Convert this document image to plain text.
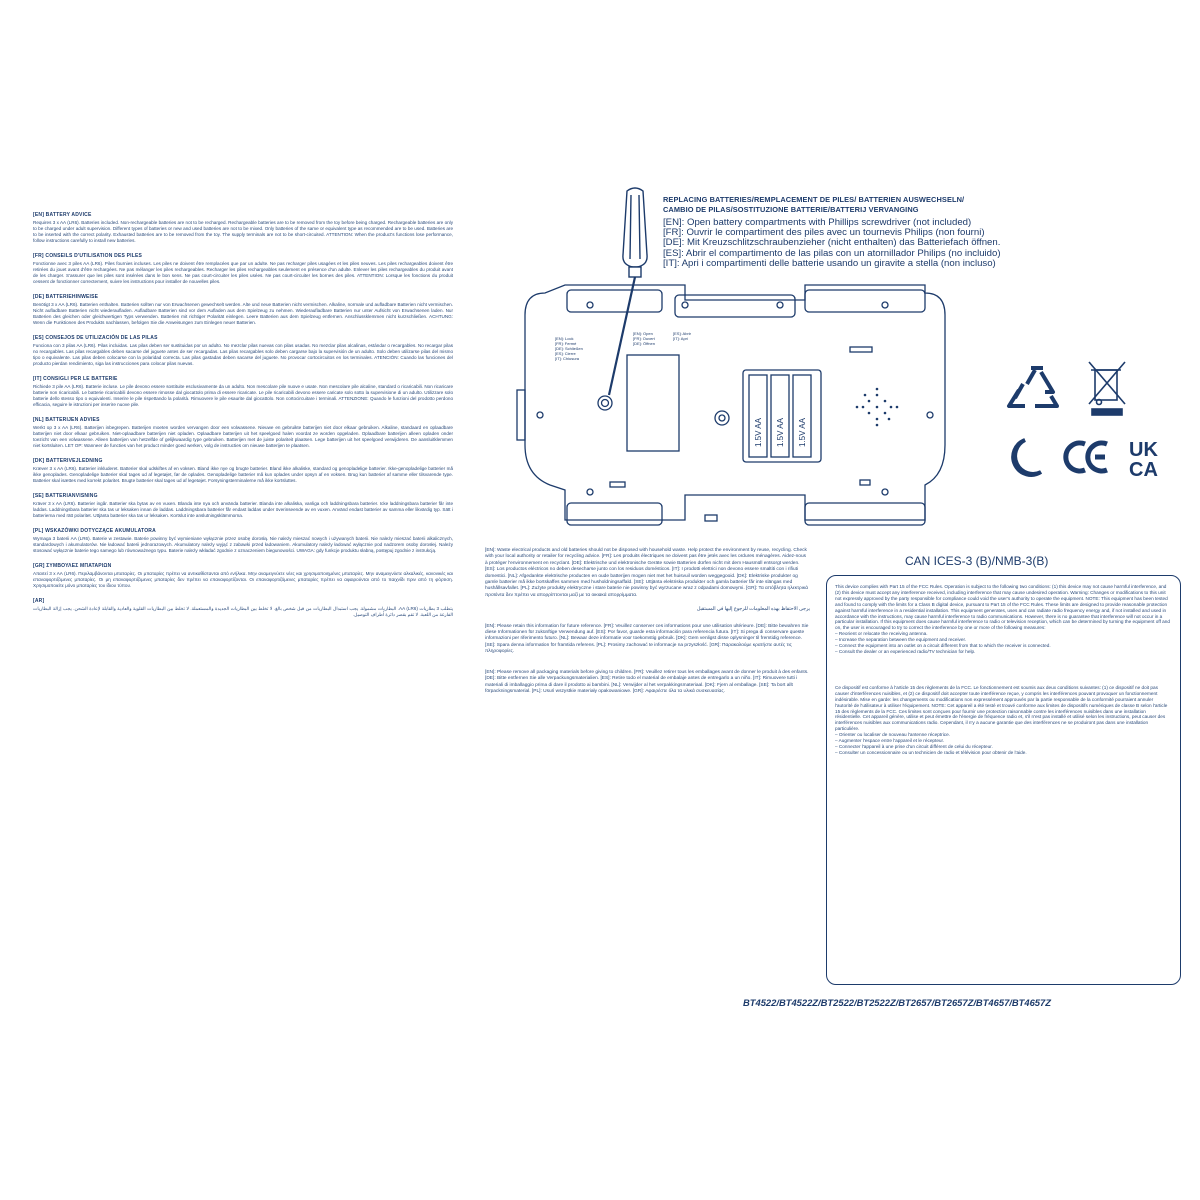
[EN] BATTERY ADVICE

Requires 3 x AA (LR6). Batteries included. Non-rechargeable batteries are not to be recharged. Rechargeable batteries are to be removed from the toy before being charged. Rechargeable batteries are only to be charged under adult supervision. Different types of batteries or new and used batteries are not to be mixed. Only batteries of the same or equivalent type as recommended are to be used. Batteries are to be inserted with the correct polarity. Exhausted batteries are to be removed from the toy. The supply terminals are not to be short-circuited. ATTENTION: When the product's functions lose performance, follow instructions carefully to install new batteries.

[FR] CONSEILS D'UTILISATION DES PILES

Fonctionne avec 3 piles AA (LR6). Piles fournies incluses. Les piles ne doivent être remplacées que par un adulte. Ne pas recharger piles usagées et les piles neuves. Les piles rechargeables doivent être retirées du jouet avant d'être rechargées. Ne pas mélanger les piles rechargeables. Recharger les piles rechargeables seulement en présence d'un adulte. Enlever les piles rechargeables du produit avant de les charger. S'assurer que les piles sont insérées dans le bon sens. Ne pas court-circuiter les piles usées. Ne pas court-circuiter les bornes des piles. ATTENTION: Lorsque les fonctions du produit cessent de fonctionner correctement, suivre les instructions pour installer de nouvelles piles.

[DE] BATTERIEHINWEISE

Benötigt 3 x AA (LR6). Batterien enthalten. Batterien sollten nur von Erwachsenen gewechselt werden. Alte und neue Batterien nicht vermischen. Alkaline, normale und aufladbare Batterien nicht vermischen. Nicht aufladbare Batterien nicht wiederaufladen. Aufladbare Batterien sind vor dem Aufladen aus dem Spielzeug zu nehmen. Wiederaufladbare Batterien nur unter Aufsicht von Erwachsenen laden. Nur Batterien des gleichen oder gleichwertigen Typs verwenden. Batterien mit richtiger Polarität einlegen. Leere Batterien aus dem Spielzeug entfernen. Anschlussklemmen nicht kurzschließen. ACHTUNG: Wenn die Funktionen des Produkts nachlassen, befolgen Sie die Anweisungen zum Einlegen neuer Batterien.

[ES] CONSEJOS DE UTILIZACIÓN DE LAS PILAS

Funciona con 3 pilas AA (LR6). Pilas incluidas. Las pilas deben ser sustituidas por un adulto. No mezclar pilas nuevas con pilas usadas. No mezclar pilas alcalinas, estándar o recargables. No recargar pilas no recargables. Las pilas recargables deben sacarse del juguete antes de ser recargadas. Las pilas recargables solo deben cargarse bajo la supervisión de un adulto. Solo deben utilizarse pilas del mismo tipo o equivalente. Las pilas deben colocarse con la polaridad correcta. Las pilas gastadas deben sacarse del juguete. No provocar cortocircuitos en los terminales. ATENCIÓN: Cuando las funciones del producto pierdan rendimiento, siga las instrucciones para colocar pilas nuevas.

[IT] CONSIGLI PER LE BATTERIE

Richiede 3 pile AA (LR6). Batterie incluse. Le pile devono essere sostituite esclusivamente da un adulto. Non mescolare pile nuove e usate. Non mescolare pile alcaline, standard o ricaricabili. Non ricaricare batterie non ricaricabili. Le batterie ricaricabili devono essere rimosse dal giocattolo prima di essere ricaricate. Le pile ricaricabili devono essere caricate solo sotto la supervisione di un adulto. Utilizzare solo batterie dello stesso tipo o equivalenti. Inserire le pile rispettando la polarità. Rimuovere le pile esaurite dal giocattolo. Non cortocircuitare i terminali. ATTENZIONE: Quando le funzioni del prodotto perdono efficacia, seguire le istruzioni per inserire nuove pile.

[NL] BATTERIJEN ADVIES

Werkt op 3 x AA (LR6). Batterijen inbegrepen. Batterijen moeten worden vervangen door een volwassene. Nieuwe en gebruikte batterijen niet door elkaar gebruiken. Alkaline, standaard en oplaadbare batterijen niet door elkaar gebruiken. Niet-oplaadbare batterijen niet opladen. Oplaadbare batterijen uit het speelgoed halen voordat ze worden opgeladen. Oplaadbare batterijen alleen opladen onder toezicht van een volwassene. Alleen batterijen van hetzelfde of gelijkwaardig type gebruiken. Batterijen met de juiste polariteit plaatsen. Lege batterijen uit het speelgoed verwijderen. De aansluitklemmen niet kortsluiten. LET OP: Wanneer de functies van het product minder goed werken, volg de instructies om nieuwe batterijen te plaatsen.

[DK] BATTERIVEJLEDNING

Kræver 3 x AA (LR6). Batterier inkluderet. Batterier skal udskiftes af en voksen. Bland ikke nye og brugte batterier. Bland ikke alkaliske, standard og genopladelige batterier. Ikke-genopladelige batterier må ikke genoplades. Genopladelige batterier skal tages ud af legetøjet, før de oplades. Genopladelige batterier må kun oplades under opsyn af en voksen. Brug kun batterier af samme eller tilsvarende type. Batterier skal isættes med korrekt polaritet. Brugte batterier skal tages ud af legetøjet. Forsyningsterminalerne må ikke kortsluttes.

[SE] BATTERIANVISNING

Kräver 3 x AA (LR6). Batterier ingår. Batterier ska bytas av en vuxen. Blanda inte nya och använda batterier. Blanda inte alkaliska, vanliga och laddningsbara batterier. Icke laddningsbara batterier får inte laddas. Laddningsbara batterier ska tas ur leksaken innan de laddas. Laddningsbara batterier får endast laddas under överinseende av en vuxen. Använd endast batterier av samma eller likvärdig typ. Sätt i batterierna med rätt polaritet. Uttjänta batterier ska tas ur leksaken. Kortslut inte anslutningsklämmorna.

[PL] WSKAZÓWKI DOTYCZĄCE AKUMULATORA

Wymaga 3 baterii AA (LR6). Baterie w zestawie. Baterie powinny być wymieniane wyłącznie przez osobę dorosłą. Nie należy mieszać nowych i używanych baterii. Nie należy mieszać baterii alkalicznych, standardowych i akumulatorów. Nie ładować baterii jednorazowych. Akumulatory należy wyjąć z zabawki przed ładowaniem. Akumulatory należy ładować wyłącznie pod nadzorem osoby dorosłej. Należy stosować wyłącznie baterie tego samego lub równoważnego typu. Baterie należy wkładać zgodnie z oznaczeniem biegunowości. UWAGA: gdy funkcje produktu słabną, postępuj zgodnie z instrukcją.

[GR] ΣΥΜΒΟΥΛΕΣ ΜΠΑΤΑΡΙΩΝ

Απαιτεί 3 x AA (LR6). Περιλαμβάνονται μπαταρίες. Οι μπαταρίες πρέπει να αντικαθίστανται από ενήλικα. Μην αναμειγνύετε νέες και χρησιμοποιημένες μπαταρίες. Μην αναμειγνύετε αλκαλικές, κανονικές και επαναφορτιζόμενες μπαταρίες. Οι μη επαναφορτιζόμενες μπαταρίες δεν πρέπει να επαναφορτίζονται. Οι επαναφορτιζόμενες μπαταρίες πρέπει να αφαιρούνται από το παιχνίδι πριν από τη φόρτιση. Χρησιμοποιείτε μόνο μπαταρίες του ίδιου τύπου.

[AR]

يتطلب 3 بطاريات AA (LR6). البطاريات مشمولة. يجب استبدال البطاريات من قبل شخص بالغ. لا تخلط بين البطاريات الجديدة والمستعملة. لا تخلط بين البطاريات القلوية والعادية والقابلة لإعادة الشحن. يجب إزالة البطاريات الفارغة من اللعبة. لا تقم بقصر دائرة أطراف التوصيل.

1.5V AA 1.5V AA 1.5V AA
[EN]: Lock [FR]: Fermé [DE]: Schließen [ES]: Cierre [IT]: Chiusura
[EN]: Open [FR]: Ouvert [DE]: Öffnen
[ES]: Abrir [IT]: Apri

REPLACING BATTERIES/REMPLACEMENT DE PILES/ BATTERIEN AUSWECHSELN/

CAMBIO DE PILAS/SOSTITUZIONE BATTERIE/BATTERIJ VERVANGING

[EN]: Open battery compartments with Phillips screwdriver (not included)
[FR]: Ouvrir le compartiment des piles avec un tournevis Philips (non fourni)
[DE]: Mit Kreuzschlitzschraubenzieher (nicht enthalten) das Batteriefach öffnen.
[ES]: Abrir el compartimento de las pilas con un atornillador Philips (no incluido)
[IT]: Apri i compartimenti delle batterie usando un giravite a stella (non incluso)
UK
CA

[EN]: Waste electrical products and old batteries should not be disposed with household waste. Help protect the environment by reuse, recycling. Check with your local authority or retailer for recycling advice. [FR]: Les produits électriques ne doivent pas être jetés avec les ordures ménagères. Aidez-nous à protéger l'environnement en recyclant. [DE]: Elektrische und elektronische Geräte sowie Batterien dürfen nicht mit dem Hausmüll entsorgt werden. [ES]: Los productos eléctricos no deben desecharse junto con los residuos domésticos. [IT]: I prodotti elettrici non devono essere smaltiti con i rifiuti domestici. [NL]: Afgedankte elektrische producten en oude batterijen mogen niet met het huisvuil worden weggegooid. [DK]: Elektriske produkter og gamle batterier må ikke bortskaffes sammen med husholdningsaffald. [SE]: Uttjänta elektriska produkter och gamla batterier får inte slängas med hushållsavfallet. [PL]: Zużyte produkty elektryczne i stare baterie nie powinny być wyrzucane wraz z odpadami domowymi. [GR]: Τα απόβλητα ηλεκτρικά προϊόντα δεν πρέπει να απορρίπτονται μαζί με τα οικιακά απορρίμματα.

يرجى الاحتفاظ بهذه المعلومات للرجوع إليها في المستقبل

[EN]: Please retain this information for future reference. [FR]: Veuillez conserver ces informations pour une utilisation ultérieure. [DE]: Bitte bewahren Sie diese Informationen für zukünftige Verwendung auf. [ES]: Por favor, guarde esta información para referencia futura. [IT]: Si prega di conservare queste informazioni per riferimento futuro. [NL]: Bewaar deze informatie voor toekomstig gebruik. [DK]: Gem venligst disse oplysninger til fremtidig reference. [SE]: Spara denna information för framtida referens. [PL]: Prosimy zachować te informacje na przyszłość. [GR]: Παρακαλούμε κρατήστε αυτές τις πληροφορίες.

[EN]: Please remove all packaging materials before giving to children. [FR]: Veuillez retirer tous les emballages avant de donner le produit à des enfants. [DE]: Bitte entfernen Sie alle Verpackungsmaterialien. [ES]: Retire todo el material de embalaje antes de entregarlo a un niño. [IT]: Rimuovere tutti i materiali di imballaggio prima di dare il prodotto ai bambini. [NL]: Verwijder al het verpakkingsmateriaal. [DK]: Fjern al emballage. [SE]: Ta bort allt förpackningsmaterial. [PL]: Usuń wszystkie materiały opakowaniowe. [GR]: Αφαιρέστε όλα τα υλικά συσκευασίας.

CAN ICES-3 (B)/NMB-3(B)

This device complies with Part 15 of the FCC Rules. Operation is subject to the following two conditions: (1) this device may not cause harmful interference, and (2) this device must accept any interference received, including interference that may cause undesired operation. Warning: Changes or modifications to this unit not expressly approved by the party responsible for compliance could void the user's authority to operate the equipment. NOTE: This equipment has been tested and found to comply with the limits for a Class B digital device, pursuant to Part 15 of the FCC Rules. These limits are designed to provide reasonable protection against harmful interference in a residential installation. This equipment generates, uses and can radiate radio frequency energy and, if not installed and used in accordance with the instructions, may cause harmful interference to radio communications. However, there is no guarantee that interference will not occur in a particular installation. If this equipment does cause harmful interference to radio or television reception, which can be determined by turning the equipment off and on, the user is encouraged to try to correct the interference by one or more of the following measures:

– Reorient or relocate the receiving antenna.

– Increase the separation between the equipment and receiver.

– Connect the equipment into an outlet on a circuit different from that to which the receiver is connected.

– Consult the dealer or an experienced radio/TV technician for help.

Ce dispositif est conforme à l'article 15 des règlements de la FCC. Le fonctionnement est soumis aux deux conditions suivantes: (1) ce dispositif ne doit pas causer d'interférences nuisibles, et (2) ce dispositif doit accepter toute interférence reçue, y compris les interférences pouvant provoquer un fonctionnement indésirable. Mise en garde: les changements ou modifications non expressément approuvés par la partie responsable de la conformité pourraient annuler l'autorité de l'utilisateur à utiliser l'équipement. NOTE: Cet appareil a été testé et trouvé conforme aux limites de dispositifs numériques de classe B selon l'article 15 des règlements de la FCC. Ces limites sont conçues pour fournir une protection raisonnable contre les interférences nuisibles dans une installation résidentielle. Cet appareil génère, utilise et peut émettre de l'énergie de fréquence radio et, s'il n'est pas installé et utilisé selon les instructions, peut causer des interférences nuisibles aux communications radio. Cependant, il n'y a aucune garantie que des interférences ne se produiront pas dans une installation particulière.

– Orienter ou localiser de nouveau l'antenne réceptrice.

– Augmenter l'espace entre l'appareil et le récepteur.

– Connecter l'appareil à une prise d'un circuit différent de celui du récepteur.

– Consulter un concessionnaire ou un technicien de radio et télévision pour obtenir de l'aide.

BT4522/BT4522Z/BT2522/BT2522Z/BT2657/BT2657Z/BT4657/BT4657Z
